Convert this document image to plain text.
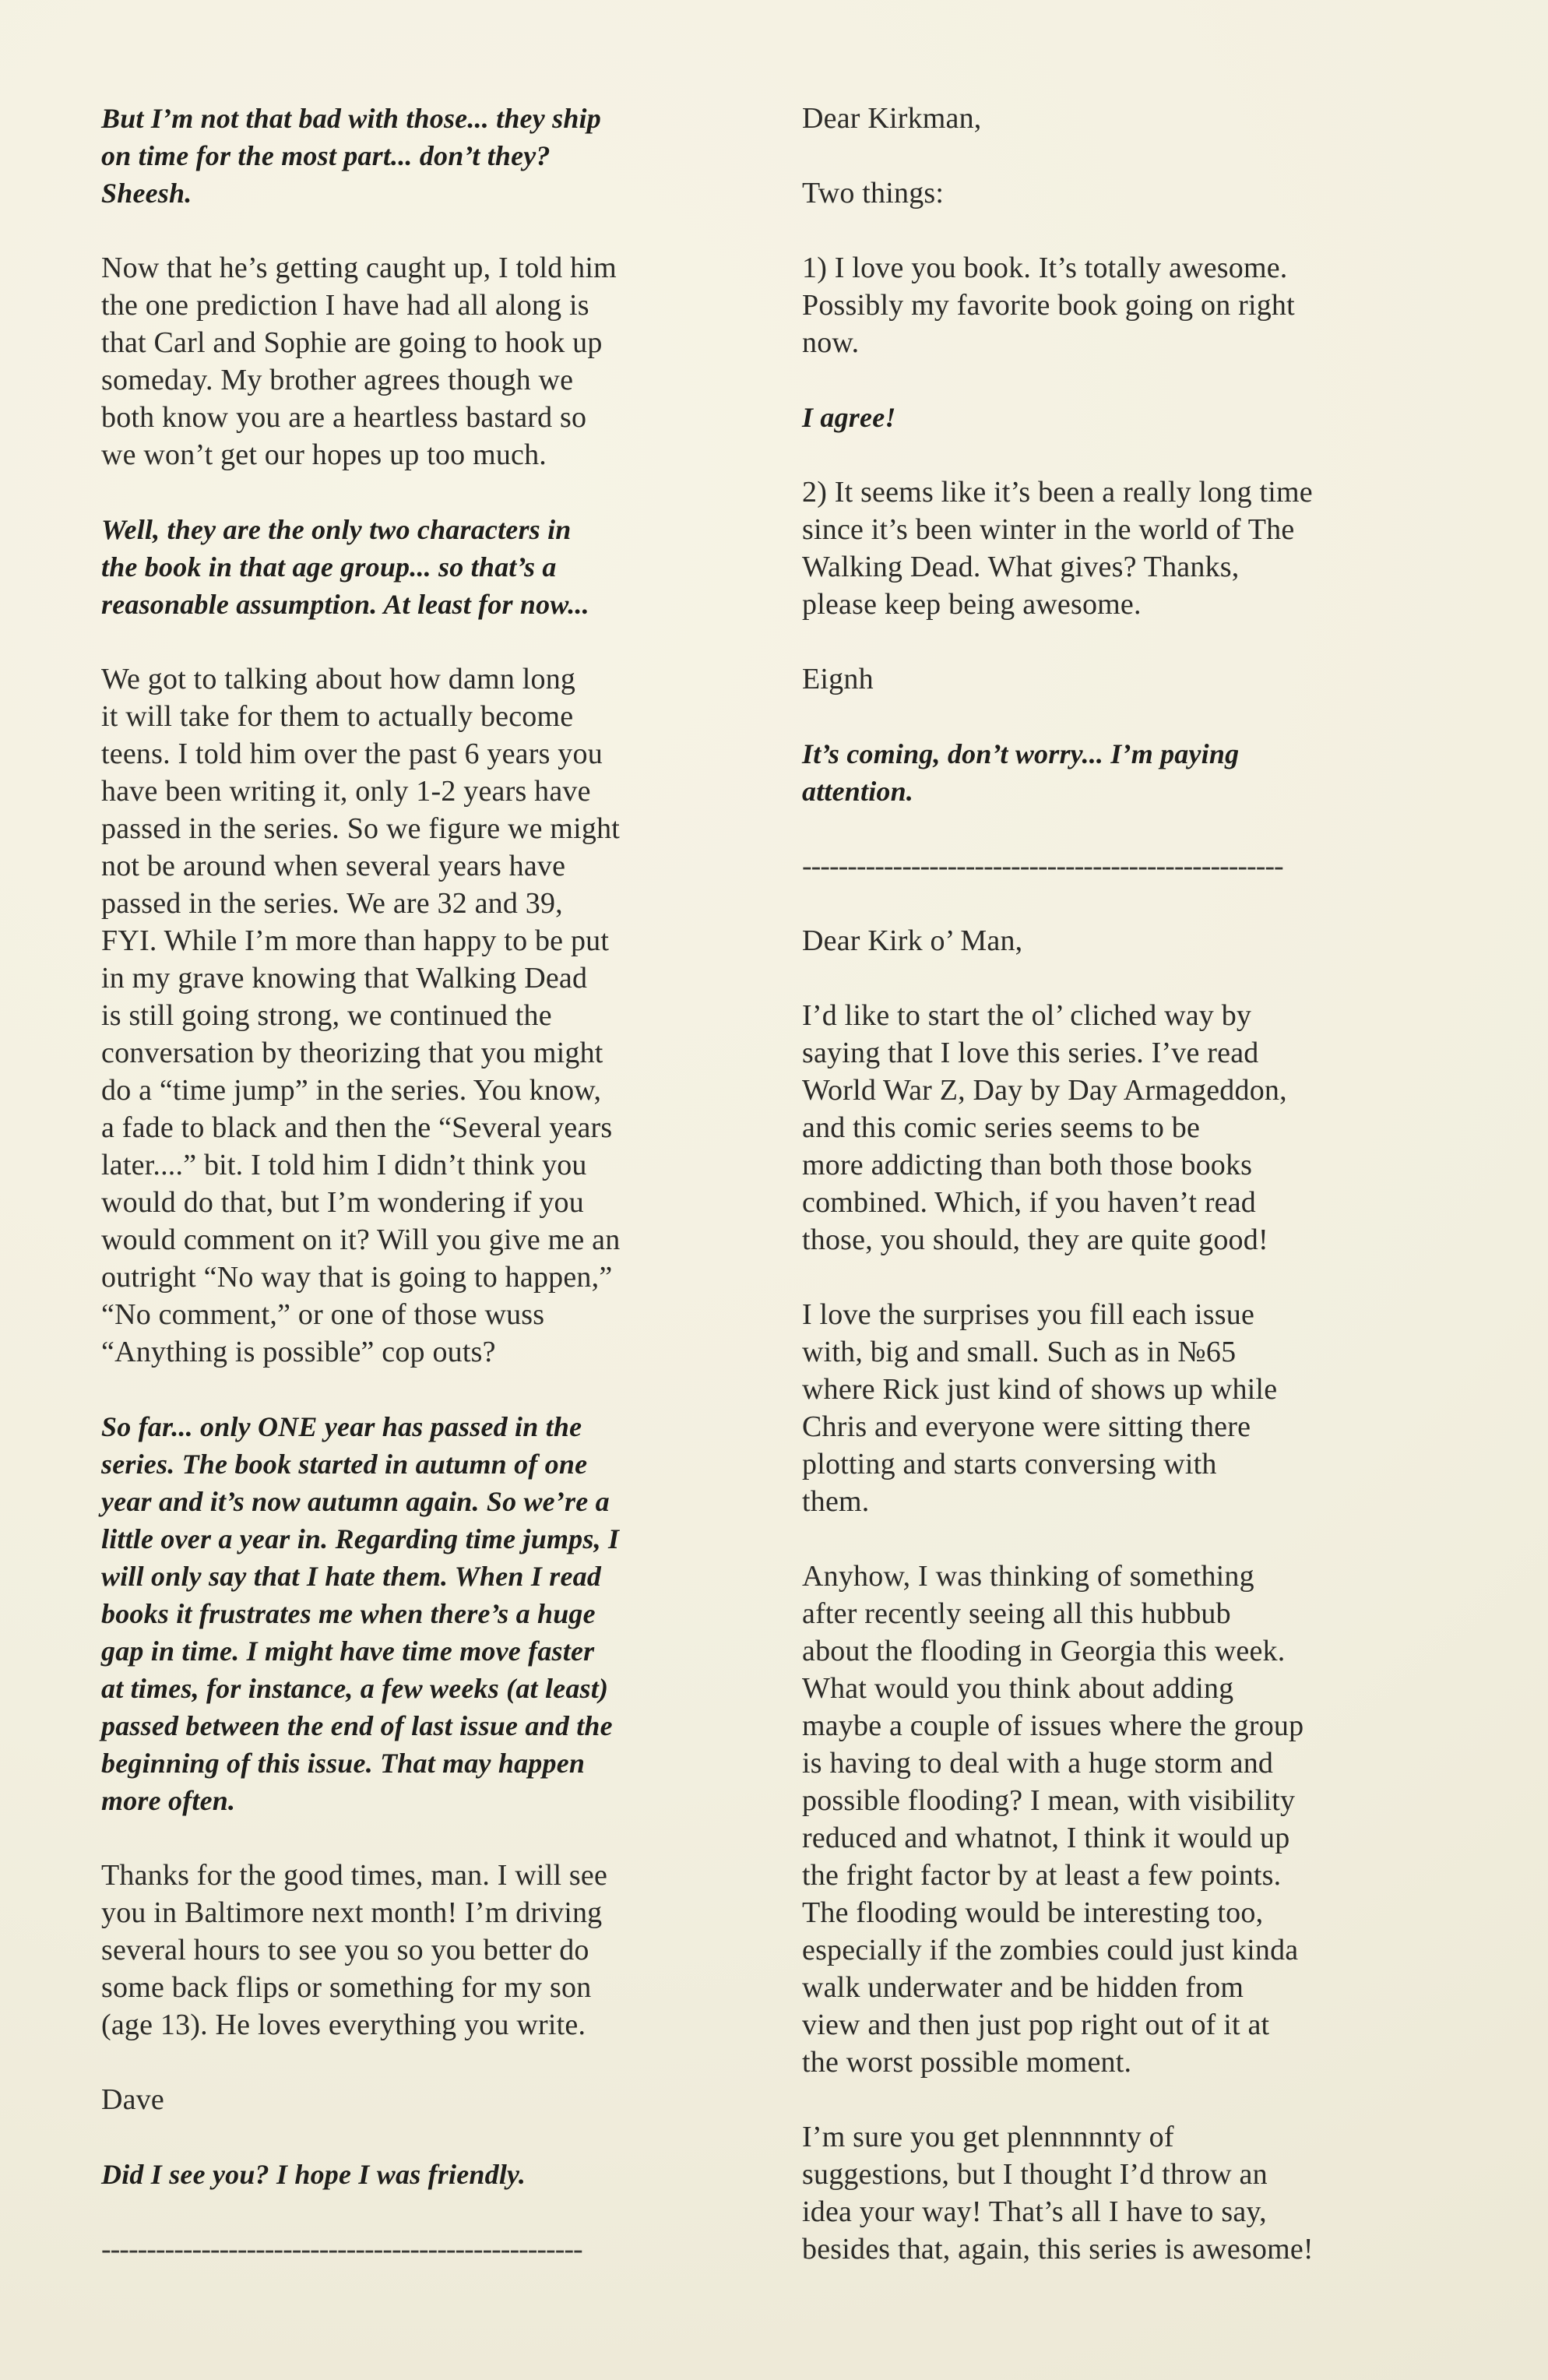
But I’m not that bad with those... they ship
on time for the most part... don’t they?
Sheesh.

Now that he’s getting caught up, I told him
the one prediction I have had all along is
that Carl and Sophie are going to hook up
someday. My brother agrees though we
both know you are a heartless bastard so
we won’t get our hopes up too much.

Well, they are the only two characters in
the book in that age group... so that’s a
reasonable assumption. At least for now...

We got to talking about how damn long
it will take for them to actually become
teens. I told him over the past 6 years you
have been writing it, only 1-2 years have
passed in the series. So we figure we might
not be around when several years have
passed in the series. We are 32 and 39,
FYI. While I’m more than happy to be put
in my grave knowing that Walking Dead
is still going strong, we continued the
conversation by theorizing that you might
do a “time jump” in the series. You know,
a fade to black and then the “Several years
later....” bit. I told him I didn’t think you
would do that, but I’m wondering if you
would comment on it? Will you give me an
outright “No way that is going to happen,”
“No comment,” or one of those wuss
“Anything is possible” cop outs?

So far... only ONE year has passed in the
series. The book started in autumn of one
year and it’s now autumn again. So we’re a
little over a year in. Regarding time jumps, I
will only say that I hate them. When I read
books it frustrates me when there’s a huge
gap in time. I might have time move faster
at times, for instance, a few weeks (at least)
passed between the end of last issue and the
beginning of this issue. That may happen
more often.

Thanks for the good times, man. I will see
you in Baltimore next month! I’m driving
several hours to see you so you better do
some back flips or something for my son
(age 13). He loves everything you write.

Dave

Did I see you? I hope I was friendly.

-----------------------------------------------------

Dear Kirkman,

Two things:

1) I love you book. It’s totally awesome.
Possibly my favorite book going on right
now.

I agree!

2) It seems like it’s been a really long time
since it’s been winter in the world of The
Walking Dead. What gives? Thanks,
please keep being awesome.

Eignh

It’s coming, don’t worry... I’m paying
attention.

-----------------------------------------------------

Dear Kirk o’ Man,

I’d like to start the ol’ cliched way by
saying that I love this series. I’ve read
World War Z, Day by Day Armageddon,
and this comic series seems to be
more addicting than both those books
combined. Which, if you haven’t read
those, you should, they are quite good!

I love the surprises you fill each issue
with, big and small. Such as in №65
where Rick just kind of shows up while
Chris and everyone were sitting there
plotting and starts conversing with
them.

Anyhow, I was thinking of something
after recently seeing all this hubbub
about the flooding in Georgia this week.
What would you think about adding
maybe a couple of issues where the group
is having to deal with a huge storm and
possible flooding? I mean, with visibility
reduced and whatnot, I think it would up
the fright factor by at least a few points.
The flooding would be interesting too,
especially if the zombies could just kinda
walk underwater and be hidden from
view and then just pop right out of it at
the worst possible moment.

I’m sure you get plennnnnty of
suggestions, but I thought I’d throw an
idea your way! That’s all I have to say,
besides that, again, this series is awesome!
